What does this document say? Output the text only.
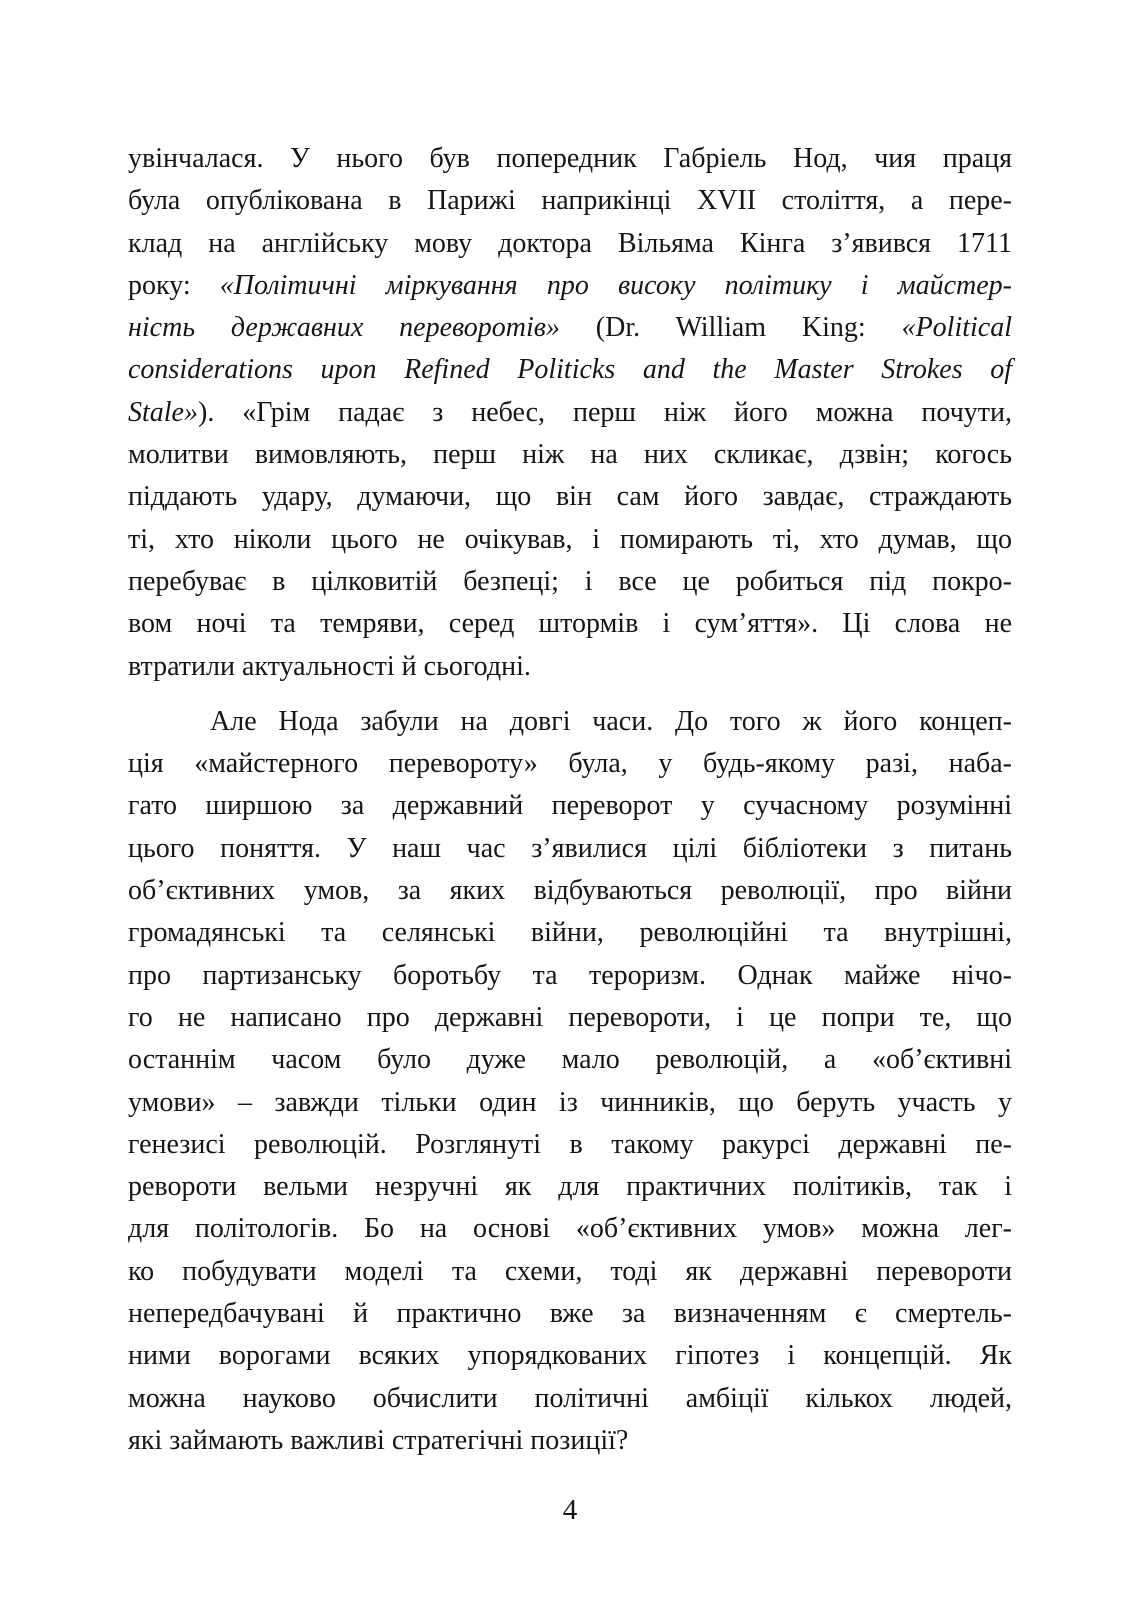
увінчалася. У нього був попередник Габріель Нод, чия праця
була опублікована в Парижі наприкінці XVII століття, а пере-
клад на англійську мову доктора Вільяма Кінга з’явився 1711
року: «Політичні міркування про високу політику і майстер-
ність державних переворотів» (Dr. William King: «Political
considerations upon Refined Politicks and the Master Strokes of
Stale»). «Грім падає з небес, перш ніж його можна почути,
молитви вимовляють, перш ніж на них скликає, дзвін; когось
піддають удару, думаючи, що він сам його завдає, страждають
ті, хто ніколи цього не очікував, і помирають ті, хто думав, що
перебуває в цілковитій безпеці; і все це робиться під покро-
вом ночі та темряви, серед штормів і сум’яття». Ці слова не
втратили актуальності й сьогодні.
Але Нода забули на довгі часи. До того ж його концеп-
ція «майстерного перевороту» була, у будь-якому разі, наба-
гато ширшою за державний переворот у сучасному розумінні
цього поняття. У наш час з’явилися цілі бібліотеки з питань
об’єктивних умов, за яких відбуваються революції, про війни
громадянські та селянські війни, революційні та внутрішні,
про партизанську боротьбу та тероризм. Однак майже нічо-
го не написано про державні перевороти, і це попри те, що
останнім часом було дуже мало революцій, а «об’єктивні
умови» – завжди тільки один із чинників, що беруть участь у
генезисі революцій. Розглянуті в такому ракурсі державні пе-
ревороти вельми незручні як для практичних політиків, так і
для політологів. Бо на основі «об’єктивних умов» можна лег-
ко побудувати моделі та схеми, тоді як державні перевороти
непередбачувані й практично вже за визначенням є смертель-
ними ворогами всяких упорядкованих гіпотез і концепцій. Як
можна науково обчислити політичні амбіції кількох людей,
які займають важливі стратегічні позиції?
4
